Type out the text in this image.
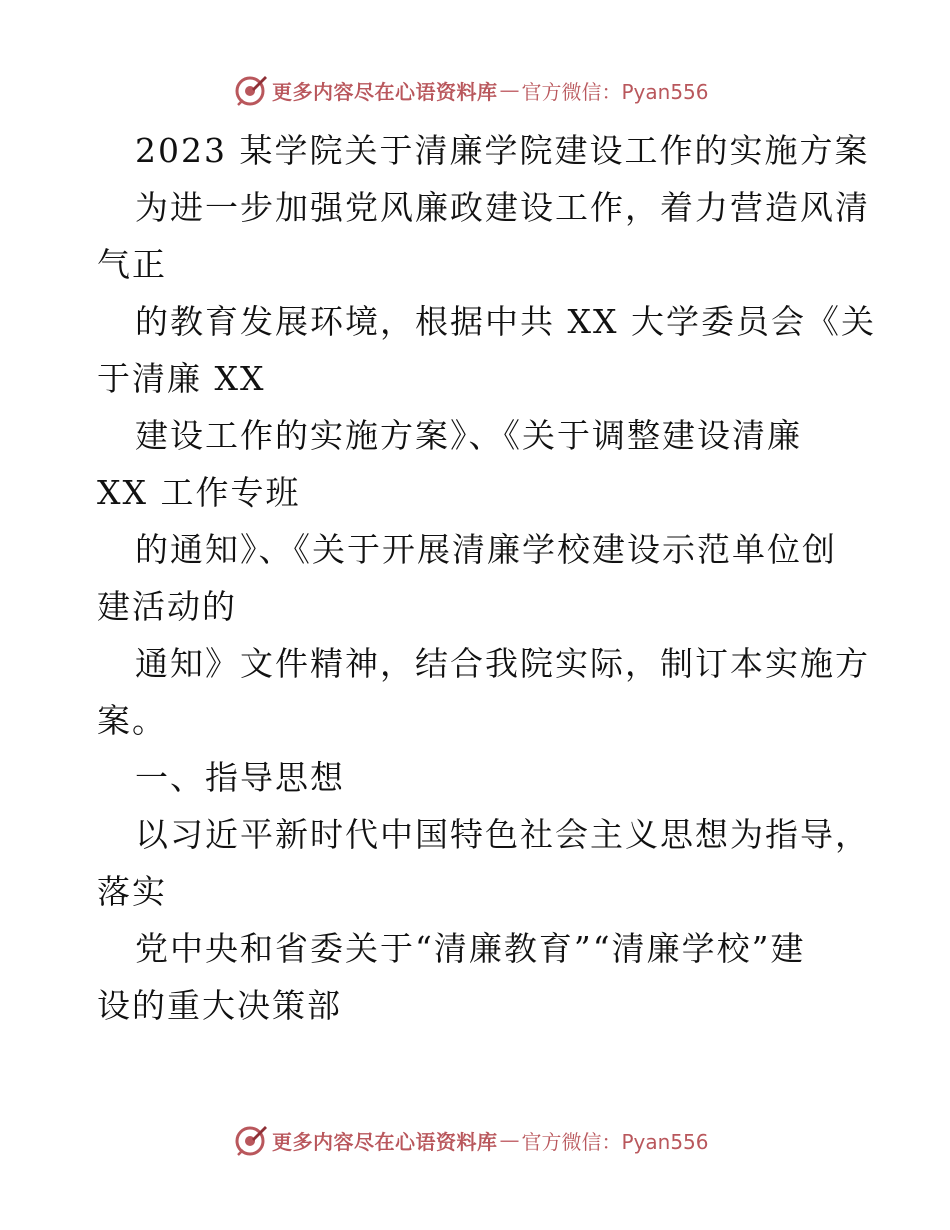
更多内容尽在心语资料库 — 官方微信：Pyan556
2023 某学院关于清廉学院建设工作的实施方案
为进一步加强党风廉政建设工作，着力营造风清
气正
的教育发展环境，根据中共 XX 大学委员会《关
于清廉 XX
建设工作的实施方案》、《关于调整建设清廉
XX 工作专班
的通知》、《关于开展清廉学校建设示范单位创
建活动的
通知》文件精神，结合我院实际，制订本实施方
案。
一、指导思想
以习近平新时代中国特色社会主义思想为指导，
落实
党中央和省委关于“清廉教育”“清廉学校”建
设的重大决策部
更多内容尽在心语资料库 — 官方微信：Pyan556
